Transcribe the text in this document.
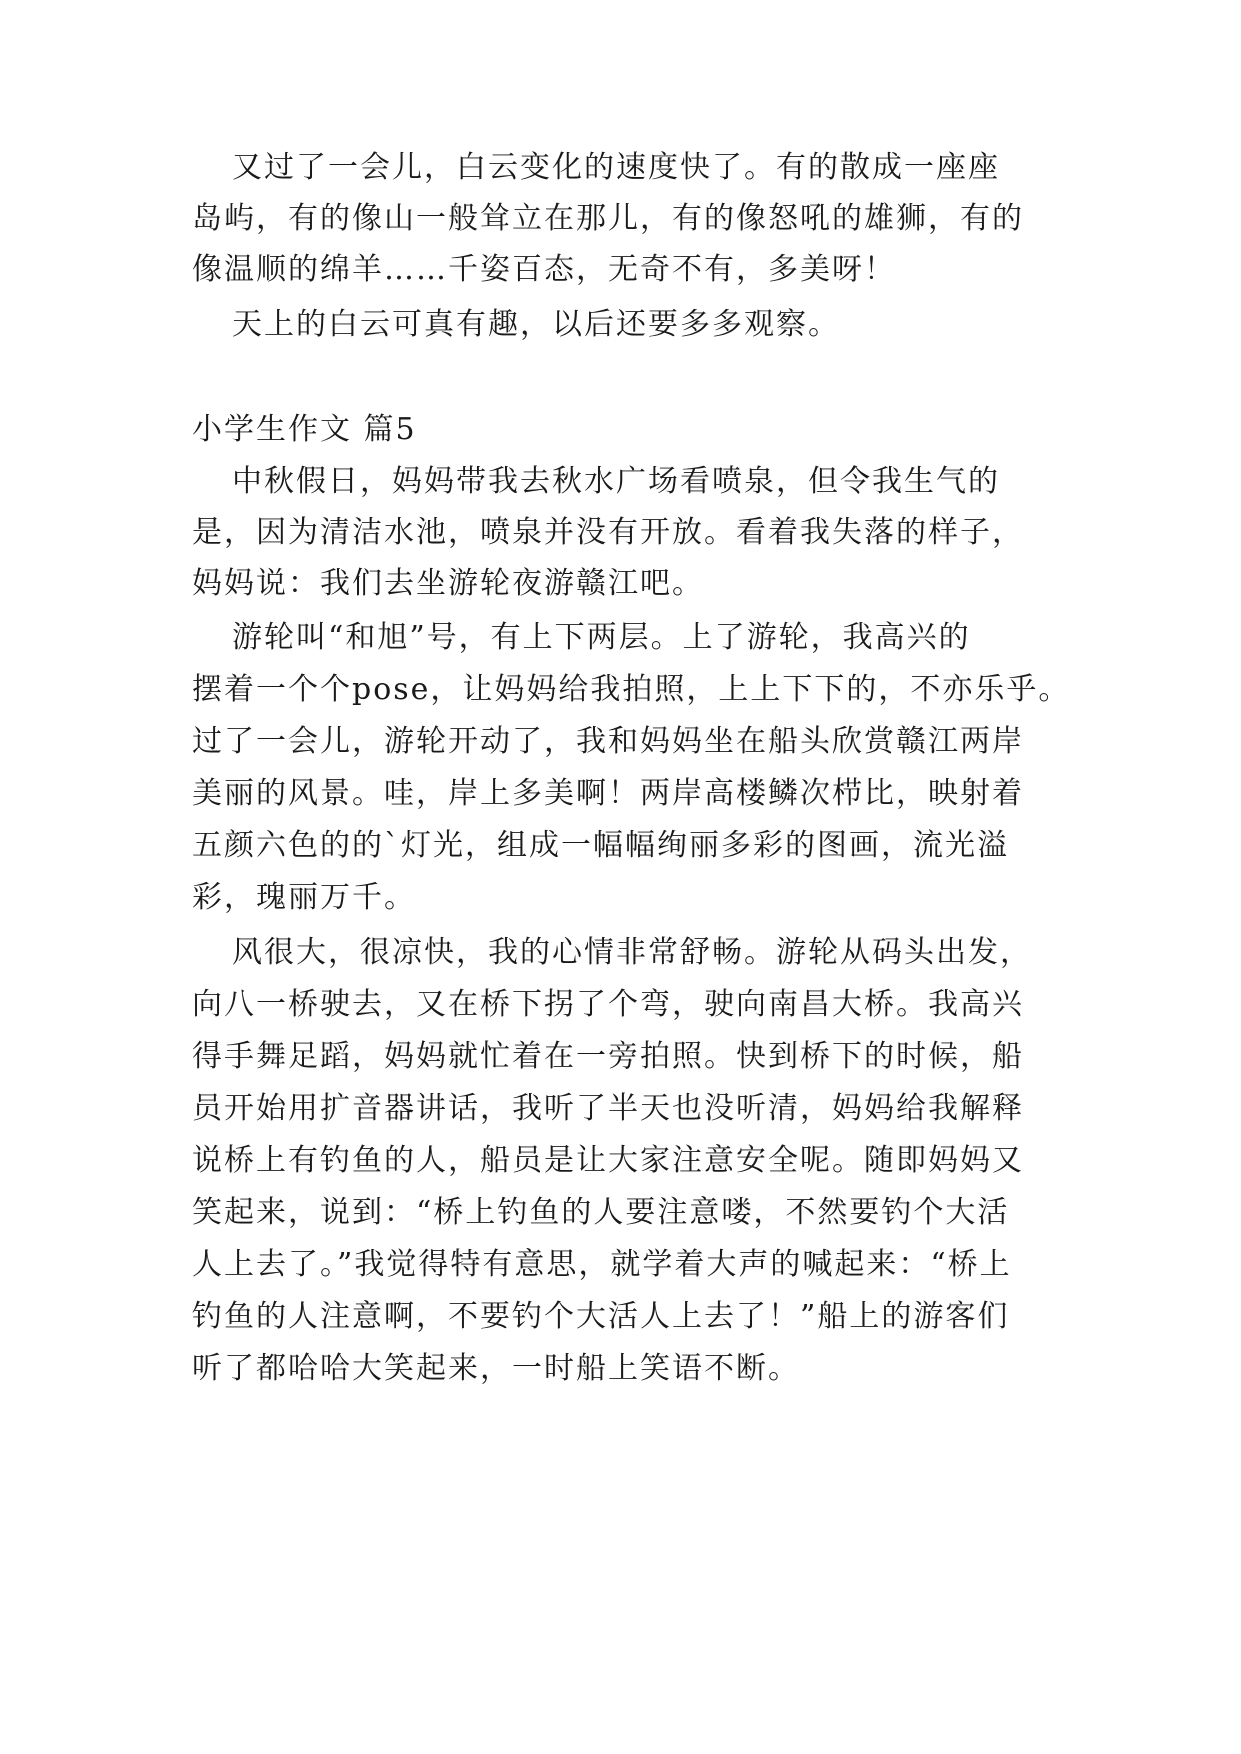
又过了一会儿，白云变化的速度快了。有的散成一座座
岛屿，有的像山一般耸立在那儿，有的像怒吼的雄狮，有的
像温顺的绵羊……千姿百态，无奇不有，多美呀！
天上的白云可真有趣，以后还要多多观察。
小学生作文 篇5
中秋假日，妈妈带我去秋水广场看喷泉，但令我生气的
是，因为清洁水池，喷泉并没有开放。看着我失落的样子，
妈妈说：我们去坐游轮夜游赣江吧。
游轮叫“和旭”号，有上下两层。上了游轮，我高兴的
摆着一个个pose，让妈妈给我拍照，上上下下的，不亦乐乎。
过了一会儿，游轮开动了，我和妈妈坐在船头欣赏赣江两岸
美丽的风景。哇，岸上多美啊！两岸高楼鳞次栉比，映射着
五颜六色的的`灯光，组成一幅幅绚丽多彩的图画，流光溢
彩，瑰丽万千。
风很大，很凉快，我的心情非常舒畅。游轮从码头出发，
向八一桥驶去，又在桥下拐了个弯，驶向南昌大桥。我高兴
得手舞足蹈，妈妈就忙着在一旁拍照。快到桥下的时候，船
员开始用扩音器讲话，我听了半天也没听清，妈妈给我解释
说桥上有钓鱼的人，船员是让大家注意安全呢。随即妈妈又
笑起来，说到：“桥上钓鱼的人要注意喽，不然要钓个大活
人上去了。”我觉得特有意思，就学着大声的喊起来：“桥上
钓鱼的人注意啊，不要钓个大活人上去了！”船上的游客们
听了都哈哈大笑起来，一时船上笑语不断。
